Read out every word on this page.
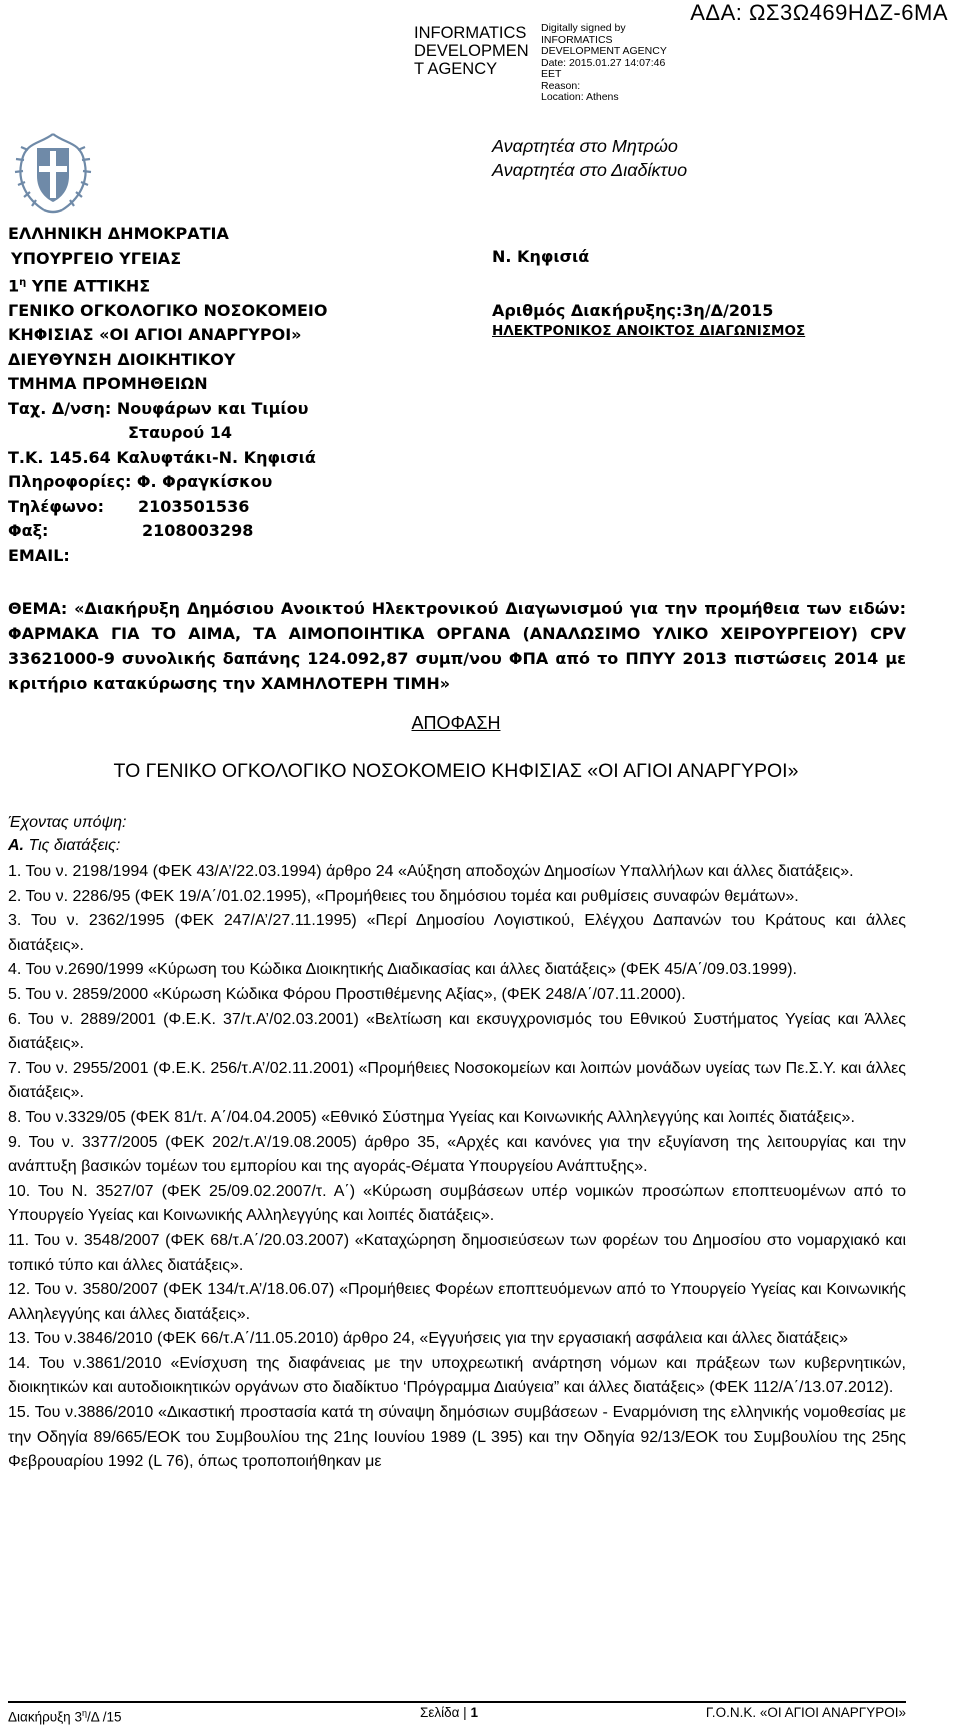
INFORMATICS
DEVELOPMEN
T AGENCY
Digitally signed by
INFORMATICS
DEVELOPMENT AGENCY
Date: 2015.01.27 14:07:46
EET
Reason:
Location: Athens
ΑΔΑ: ΩΣ3Ω469ΗΔΖ-6ΜΑ
Αναρτητέα στο Μητρώο
Αναρτητέα στο Διαδίκτυο
ΕΛΛΗΝΙΚΗ ΔΗΜΟΚΡΑΤΙΑ
ΥΠΟΥΡΓΕΙΟ ΥΓΕΙΑΣ
$1^\eta$ ΥΠΕ ΑΤΤΙΚΗΣ
ΓΕΝΙΚΟ ΟΓΚΟΛΟΓΙΚΟ ΝΟΣΟΚΟΜΕΙΟ
ΚΗΦΙΣΙΑΣ «ΟΙ ΑΓΙΟΙ ΑΝΑΡΓΥΡΟΙ»
ΔΙΕΥΘΥΝΣΗ ΔΙΟΙΚΗΤΙΚΟΥ
ΤΜΗΜΑ ΠΡΟΜΗΘΕΙΩΝ
Ταχ. Δ/νση: Νουφάρων και Τιμίου
Σταυρού 14
Τ.Κ. 145.64 Καλυφτάκι-Ν. Κηφισιά
Πληροφορίες: Φ. Φραγκίσκου
Τηλέφωνο: 2103501536
Φαξ:	2108003298
EMAIL:
Ν. Κηφισιά
Αριθμός Διακήρυξης:3η/Δ/2015
ΗΛΕΚΤΡΟΝΙΚΟΣ ΑΝΟΙΚΤΟΣ ΔΙΑΓΩΝΙΣΜΟΣ
ΘΕΜΑ: «Διακήρυξη Δημόσιου Ανοικτού Ηλεκτρονικού Διαγωνισμού για την προμήθεια των ειδών: ΦΑΡΜΑΚΑ ΓΙΑ ΤΟ ΑΙΜΑ, ΤΑ ΑΙΜΟΠΟΙΗΤΙΚΑ ΟΡΓΑΝΑ (ΑΝΑΛΩΣΙΜΟ ΥΛΙΚΟ ΧΕΙΡΟΥΡΓΕΙΟΥ) CPV 33621000-9 συνολικής δαπάνης 124.092,87 συμπ/νου ΦΠΑ από το ΠΠΥΥ 2013 πιστώσεις 2014 με κριτήριο κατακύρωσης την ΧΑΜΗΛΟΤΕΡΗ ΤΙΜΗ»
ΑΠΟΦΑΣΗ
ΤΟ ΓΕΝΙΚΟ ΟΓΚΟΛΟΓΙΚΟ ΝΟΣΟΚΟΜΕΙΟ ΚΗΦΙΣΙΑΣ «ΟΙ ΑΓΙΟΙ ΑΝΑΡΓΥΡΟΙ»
Έχοντας υπόψη:
Α. Τις διατάξεις:

1. Του ν. 2198/1994 (ΦΕΚ 43/Α’/22.03.1994) άρθρο 24 «Αύξηση αποδοχών Δημοσίων Υπαλλήλων και άλλες διατάξεις».

2. Του ν. 2286/95 (ΦΕΚ 19/Α΄/01.02.1995), «Προμήθειες του δημόσιου τομέα και ρυθμίσεις συναφών θεμάτων».

3. Του ν. 2362/1995 (ΦΕΚ 247/Α’/27.11.1995) «Περί Δημοσίου Λογιστικού, Ελέγχου Δαπανών του Κράτους και άλλες διατάξεις».

4. Του ν.2690/1999 «Κύρωση του Κώδικα Διοικητικής Διαδικασίας και άλλες διατάξεις» (ΦΕΚ 45/Α΄/09.03.1999).

5. Του ν. 2859/2000 «Κύρωση Κώδικα Φόρου Προστιθέμενης Αξίας», (ΦΕΚ 248/Α΄/07.11.2000).

6. Του ν. 2889/2001 (Φ.Ε.Κ. 37/τ.Α’/02.03.2001) «Βελτίωση και εκσυγχρονισμός του Εθνικού Συστήματος Υγείας και Άλλες διατάξεις».

7. Του ν. 2955/2001 (Φ.Ε.Κ. 256/τ.Α’/02.11.2001) «Προμήθειες Νοσοκομείων και λοιπών μονάδων υγείας των Πε.Σ.Υ. και άλλες διατάξεις».

8. Του ν.3329/05 (ΦΕΚ 81/τ. Α΄/04.04.2005) «Εθνικό Σύστημα Υγείας και Κοινωνικής Αλληλεγγύης και λοιπές διατάξεις».

9. Του ν. 3377/2005 (ΦΕΚ 202/τ.Α’/19.08.2005) άρθρο 35, «Αρχές και κανόνες για την εξυγίανση της λειτουργίας και την ανάπτυξη βασικών τομέων του εμπορίου και της αγοράς-Θέματα Υπουργείου Ανάπτυξης».

10. Του Ν. 3527/07 (ΦΕΚ 25/09.02.2007/τ. Α΄) «Κύρωση συμβάσεων υπέρ νομικών προσώπων εποπτευομένων από το Υπουργείο Υγείας και Κοινωνικής Αλληλεγγύης και λοιπές διατάξεις».

11. Του ν. 3548/2007 (ΦΕΚ 68/τ.Α΄/20.03.2007) «Καταχώρηση δημοσιεύσεων των φορέων του Δημοσίου στο νομαρχιακό και τοπικό τύπο και άλλες διατάξεις».

12. Του ν. 3580/2007 (ΦΕΚ 134/τ.Α’/18.06.07) «Προμήθειες Φορέων εποπτευόμενων από το Υπουργείο Υγείας και Κοινωνικής Αλληλεγγύης και άλλες διατάξεις».

13. Του ν.3846/2010 (ΦΕΚ 66/τ.Α΄/11.05.2010) άρθρο 24, «Εγγυήσεις για την εργασιακή ασφάλεια και άλλες διατάξεις»

14. Του ν.3861/2010 «Ενίσχυση της διαφάνειας με την υποχρεωτική ανάρτηση νόμων και πράξεων των κυβερνητικών, διοικητικών και αυτοδιοικητικών οργάνων στο διαδίκτυο ‘Πρόγραμμα Διαύγεια” και άλλες διατάξεις» (ΦΕΚ 112/Α΄/13.07.2012).

15. Του ν.3886/2010 «Δικαστική προστασία κατά τη σύναψη δημόσιων συμβάσεων - Εναρμόνιση της ελληνικής νομοθεσίας με την Οδηγία 89/665/ΕΟΚ του Συμβουλίου της 21ης Ιουνίου 1989 (L 395) και την Οδηγία 92/13/ΕΟΚ του Συμβουλίου της 25ης Φεβρουαρίου 1992 (L 76), όπως τροποποιήθηκαν με

Διακήρυξη $3^\eta/\Delta$ /15	Σελίδα | 1	Γ.Ο.Ν.Κ. «ΟΙ ΑΓΙΟΙ ΑΝΑΡΓΥΡΟΙ»
